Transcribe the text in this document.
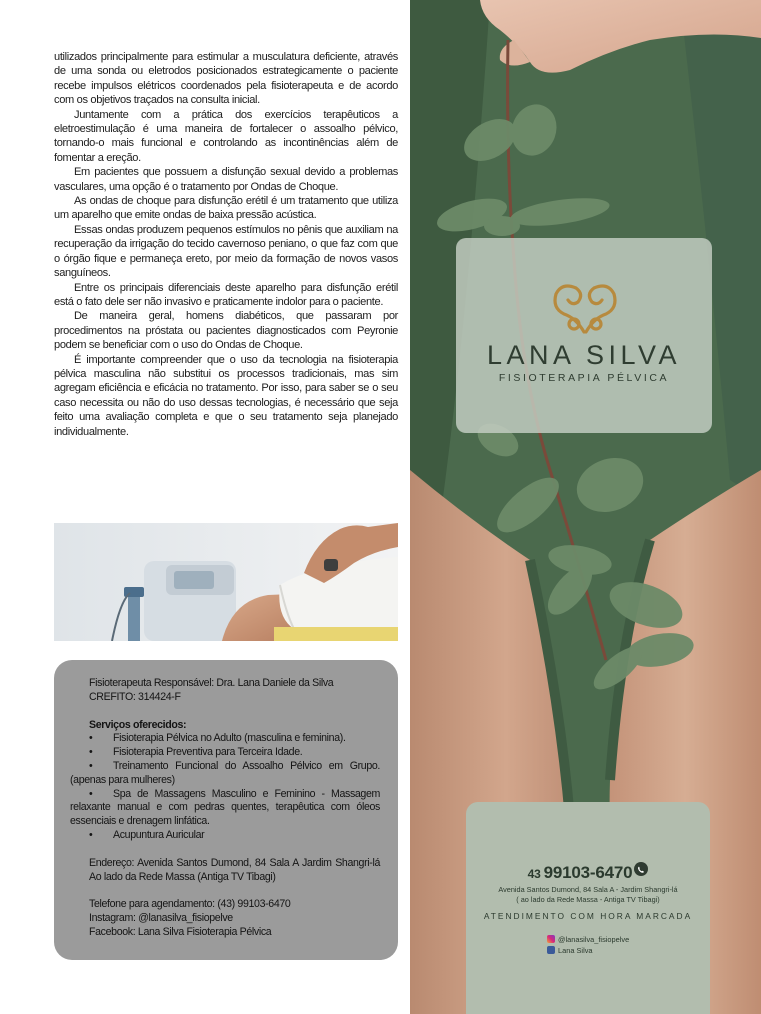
utilizados principalmente para estimular a musculatura deficiente, através de uma sonda ou eletrodos posicionados estrategicamente o paciente recebe impulsos elétricos coordenados pela fisioterapeuta e de acordo com os objetivos traçados na consulta inicial.

Juntamente com a prática dos exercícios terapêuticos a eletroestimulação é uma maneira de fortalecer o assoalho pélvico, tornando-o mais funcional e controlando as incontinências além de fomentar a ereção.

Em pacientes que possuem a disfunção sexual devido a problemas vasculares, uma opção é o tratamento por Ondas de Choque.

As ondas de choque para disfunção erétil é um tratamento que utiliza um aparelho que emite ondas de baixa pressão acústica.

Essas ondas produzem pequenos estímulos no pênis que auxiliam na recuperação da irrigação do tecido cavernoso peniano, o que faz com que o órgão fique e permaneça ereto, por meio da formação de novos vasos sanguíneos.

Entre os principais diferenciais deste aparelho para disfunção erétil está o fato dele ser não invasivo e praticamente indolor para o paciente.

De maneira geral, homens diabéticos, que passaram por procedimentos na próstata ou pacientes diagnosticados com Peyronie podem se beneficiar com o uso do Ondas de Choque.

É importante compreender que o uso da tecnologia na fisioterapia pélvica masculina não substitui os processos tradicionais, mas sim agregam eficiência e eficácia no tratamento. Por isso, para saber se o seu caso necessita ou não do uso dessas tecnologias, é necessário que seja feito uma avaliação completa e que o seu tratamento seja planejado individualmente.

Fisioterapeuta Responsável: Dra. Lana Daniele da Silva
CREFITO: 314424-F
Serviços oferecidos:
• Fisioterapia Pélvica no Adulto (masculina e feminina).
• Fisioterapia Preventiva para Terceira Idade.
• Treinamento Funcional do Assoalho Pélvico em Grupo. (apenas para mulheres)
• Spa de Massagens Masculino e Feminino - Massagem relaxante manual e com pedras quentes, terapêutica com óleos essenciais e drenagem linfática.
• Acupuntura Auricular
Endereço: Avenida Santos Dumond, 84 Sala A Jardim Shangri-lá Ao lado da Rede Massa (Antiga TV Tibagi)
Telefone para agendamento: (43) 99103-6470
Instagram: @lanasilva_fisiopelve
Facebook: Lana Silva Fisioterapia Pélvica
LANA SILVA
FISIOTERAPIA PÉLVICA
43 99103-6470
Avenida Santos Dumond, 84 Sala A - Jardim Shangri-lá
( ao lado da Rede Massa - Antiga TV Tibagi)
ATENDIMENTO COM HORA MARCADA
@lanasilva_fisiopelve
Lana Silva
